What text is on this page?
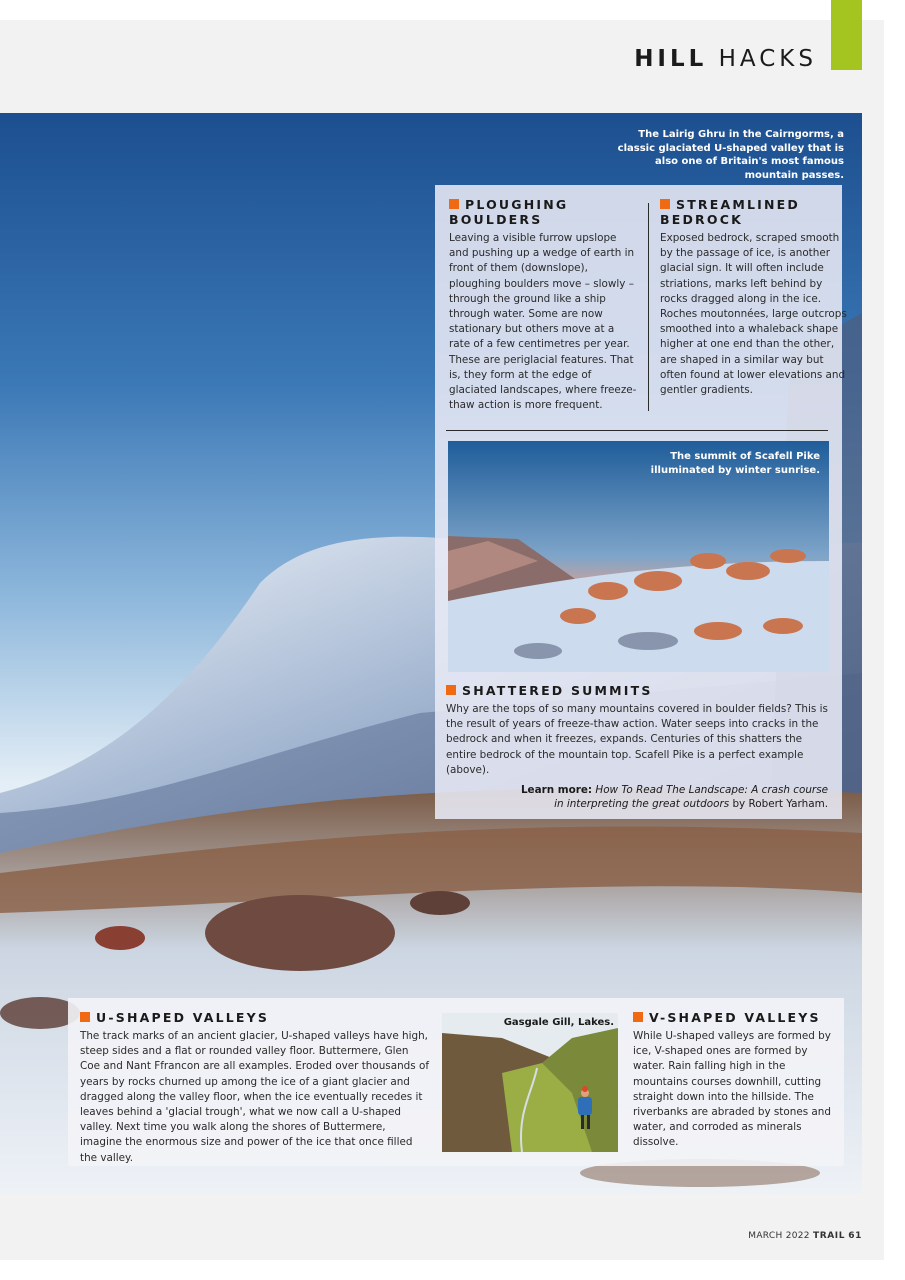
HILL HACKS
The Lairig Ghru in the Cairngorms, a classic glaciated U-shaped valley that is also one of Britain's most famous mountain passes.
PLOUGHING BOULDERS

Leaving a visible furrow upslope and pushing up a wedge of earth in front of them (downslope), ploughing boulders move – slowly – through the ground like a ship through water. Some are now stationary but others move at a rate of a few centimetres per year. These are periglacial features. That is, they form at the edge of glaciated landscapes, where freeze-thaw action is more frequent.

STREAMLINED BEDROCK

Exposed bedrock, scraped smooth by the passage of ice, is another glacial sign. It will often include striations, marks left behind by rocks dragged along in the ice. Roches moutonnées, large outcrops smoothed into a whaleback shape higher at one end than the other, are shaped in a similar way but often found at lower elevations and gentler gradients.

The summit of Scafell Pike illuminated by winter sunrise.
SHATTERED SUMMITS

Why are the tops of so many mountains covered in boulder fields? This is the result of years of freeze-thaw action. Water seeps into cracks in the bedrock and when it freezes, expands. Centuries of this shatters the entire bedrock of the mountain top. Scafell Pike is a perfect example (above).

Learn more: How To Read The Landscape: A crash course in interpreting the great outdoors by Robert Yarham.
U-SHAPED VALLEYS

The track marks of an ancient glacier, U-shaped valleys have high, steep sides and a flat or rounded valley floor. Buttermere, Glen Coe and Nant Ffrancon are all examples. Eroded over thousands of years by rocks churned up among the ice of a giant glacier and dragged along the valley floor, when the ice eventually recedes it leaves behind a 'glacial trough', what we now call a U-shaped valley. Next time you walk along the shores of Buttermere, imagine the enormous size and power of the ice that once filled the valley.

Gasgale Gill, Lakes.	V-SHAPED VALLEYS

While U-shaped valleys are formed by ice, V-shaped ones are formed by water. Rain falling high in the mountains courses downhill, cutting straight down into the hillside. The riverbanks are abraded by stones and water, and corroded as minerals dissolve.

MARCH 2022 TRAIL 61
